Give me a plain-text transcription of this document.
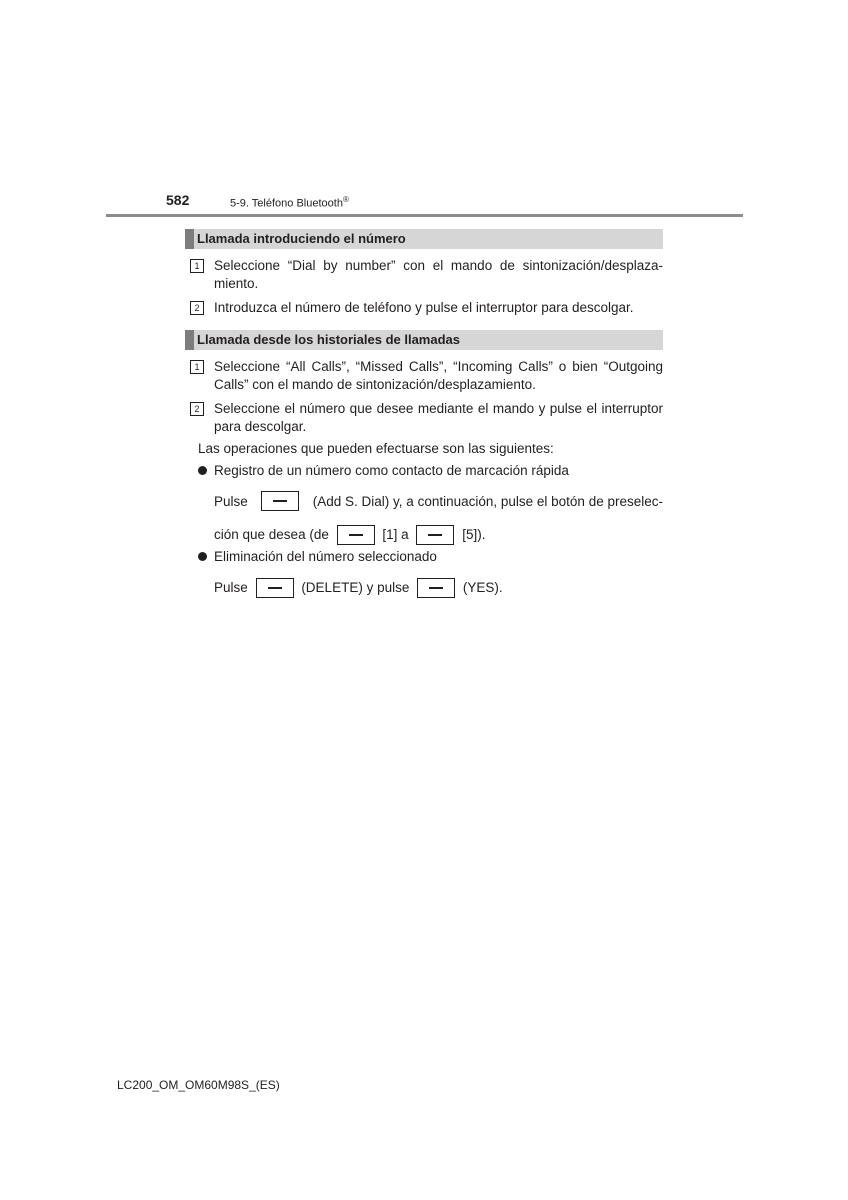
582	5-9. Teléfono Bluetooth®
Llamada introduciendo el número
1	Seleccione “Dial by number” con el mando de sintonización/desplaza-miento.
2	Introduzca el número de teléfono y pulse el interruptor para descolgar.
Llamada desde los historiales de llamadas
1	Seleccione “All Calls”, “Missed Calls”, “Incoming Calls” o bien “Outgoing Calls” con el mando de sintonización/desplazamiento.
2	Seleccione el número que desee mediante el mando y pulse el interruptor para descolgar.
Las operaciones que pueden efectuarse son las siguientes:
Registro de un número como contacto de marcación rápida
Pulse	(Add S. Dial) y, a continuación, pulse el botón de preselec-
ción que desea (de	[1] a	[5]).
Eliminación del número seleccionado
Pulse	(DELETE) y pulse	(YES).
LC200_OM_OM60M98S_(ES)
